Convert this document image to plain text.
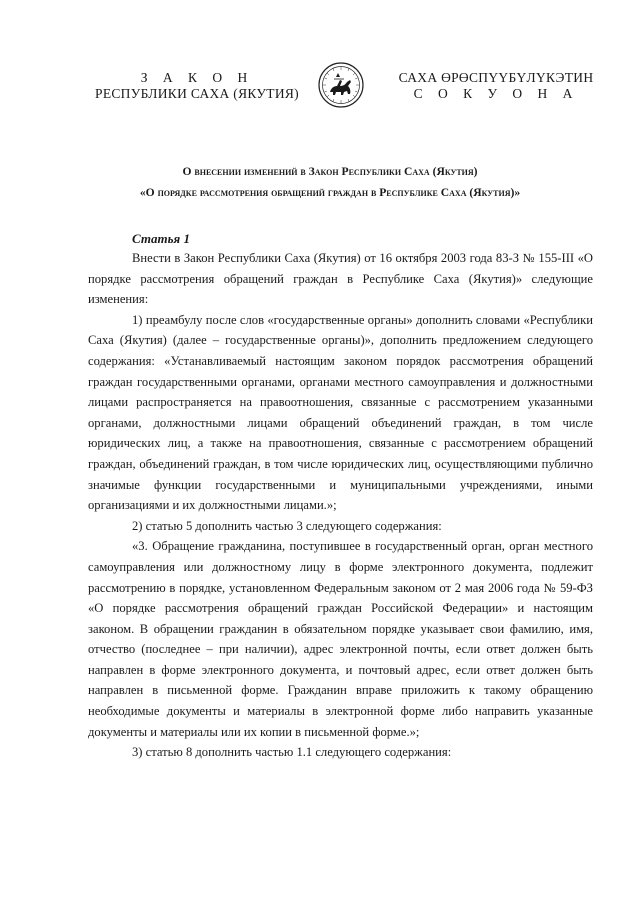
З А К О Н
РЕСПУБЛИКИ САХА (ЯКУТИЯ)
САХА ӨРӨСПҮҮБҮЛҮКЭТИН
С О К У О Н А
О внесении изменений в Закон Республики Саха (Якутия)
«О порядке рассмотрения обращений граждан в Республике Саха (Якутия)»
Статья 1

Внести в Закон Республики Саха (Якутия) от 16 октября 2003 года 83-З № 155-III «О порядке рассмотрения обращений граждан в Республике Саха (Якутия)» следующие изменения:

1) преамбулу после слов «государственные органы» дополнить словами «Республики Саха (Якутия) (далее – государственные органы)», дополнить предложением следующего содержания: «Устанавливаемый настоящим законом порядок рассмотрения обращений граждан государственными органами, органами местного самоуправления и должностными лицами распространяется на правоотношения, связанные с рассмотрением указанными органами, должностными лицами обращений объединений граждан, в том числе юридических лиц, а также на правоотношения, связанные с рассмотрением обращений граждан, объединений граждан, в том числе юридических лиц, осуществляющими публично значимые функции государственными и муниципальными учреждениями, иными организациями и их должностными лицами.»;

2) статью 5 дополнить частью 3 следующего содержания:

«3. Обращение гражданина, поступившее в государственный орган, орган местного самоуправления или должностному лицу в форме электронного документа, подлежит рассмотрению в порядке, установленном Федеральным законом от 2 мая 2006 года № 59-ФЗ «О порядке рассмотрения обращений граждан Российской Федерации» и настоящим законом. В обращении гражданин в обязательном порядке указывает свои фамилию, имя, отчество (последнее – при наличии), адрес электронной почты, если ответ должен быть направлен в форме электронного документа, и почтовый адрес, если ответ должен быть направлен в письменной форме. Гражданин вправе приложить к такому обращению необходимые документы и материалы в электронной форме либо направить указанные документы и материалы или их копии в письменной форме.»;

3) статью 8 дополнить частью 1.1 следующего содержания:
